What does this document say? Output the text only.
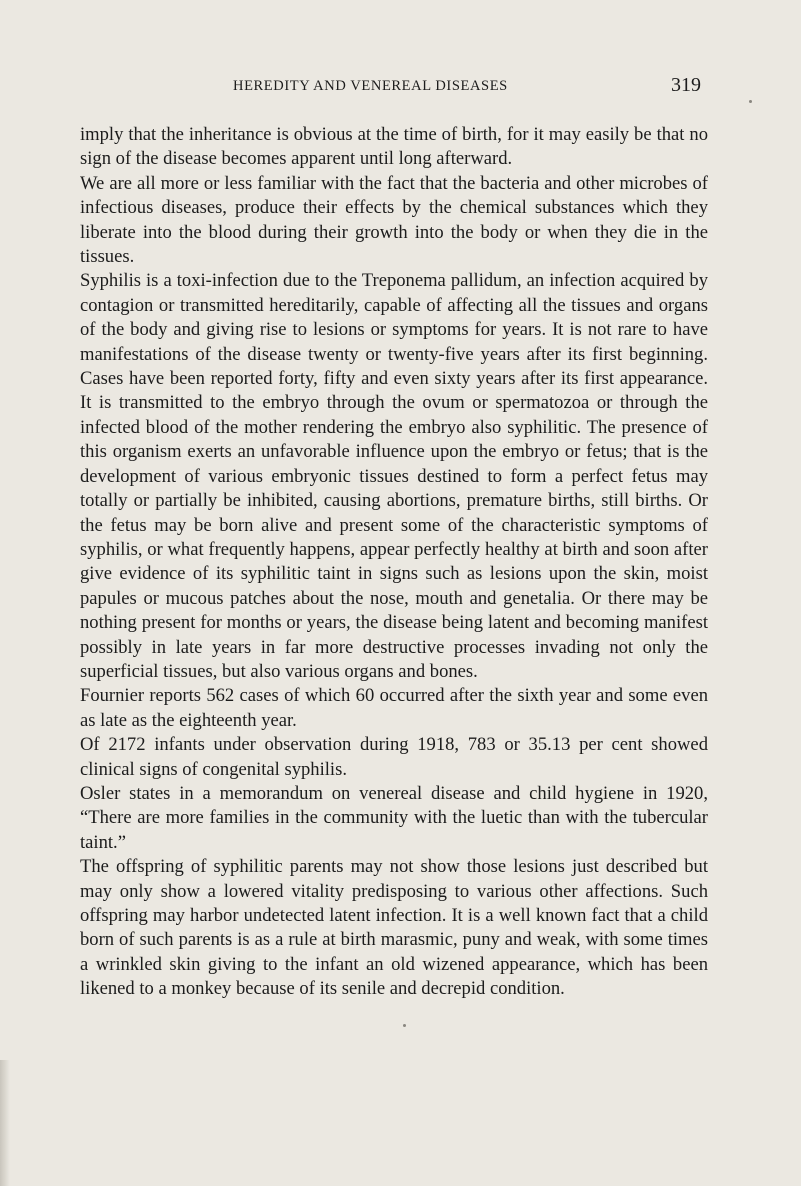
HEREDITY AND VENEREAL DISEASES	319

imply that the inheritance is obvious at the time of birth, for it may easily be that no sign of the disease becomes apparent until long afterward.

We are all more or less familiar with the fact that the bacteria and other microbes of infectious diseases, produce their effects by the chemical substances which they liberate into the blood during their growth into the body or when they die in the tissues.

Syphilis is a toxi-infection due to the Treponema pallidum, an infection acquired by contagion or transmitted hereditarily, capable of affecting all the tissues and organs of the body and giving rise to lesions or symptoms for years. It is not rare to have manifestations of the disease twenty or twenty-five years after its first beginning. Cases have been reported forty, fifty and even sixty years after its first appearance. It is transmitted to the embryo through the ovum or spermatozoa or through the infected blood of the mother rendering the embryo also syphilitic. The presence of this organism exerts an unfavorable influence upon the embryo or fetus; that is the development of various embryonic tissues destined to form a perfect fetus may totally or partially be inhibited, causing abortions, premature births, still births. Or the fetus may be born alive and present some of the characteristic symptoms of syphilis, or what frequently happens, appear perfectly healthy at birth and soon after give evidence of its syphilitic taint in signs such as lesions upon the skin, moist papules or mucous patches about the nose, mouth and genetalia. Or there may be nothing present for months or years, the disease being latent and becoming manifest possibly in late years in far more destructive processes invading not only the superficial tissues, but also various organs and bones.

Fournier reports 562 cases of which 60 occurred after the sixth year and some even as late as the eighteenth year.

Of 2172 infants under observation during 1918, 783 or 35.13 per cent showed clinical signs of congenital syphilis.

Osler states in a memorandum on venereal disease and child hygiene in 1920, “There are more families in the community with the luetic than with the tubercular taint.”

The offspring of syphilitic parents may not show those lesions just described but may only show a lowered vitality predisposing to various other affections. Such offspring may harbor undetected latent infection. It is a well known fact that a child born of such parents is as a rule at birth marasmic, puny and weak, with some times a wrinkled skin giving to the infant an old wizened appearance, which has been likened to a monkey because of its senile and decrepid condition.
